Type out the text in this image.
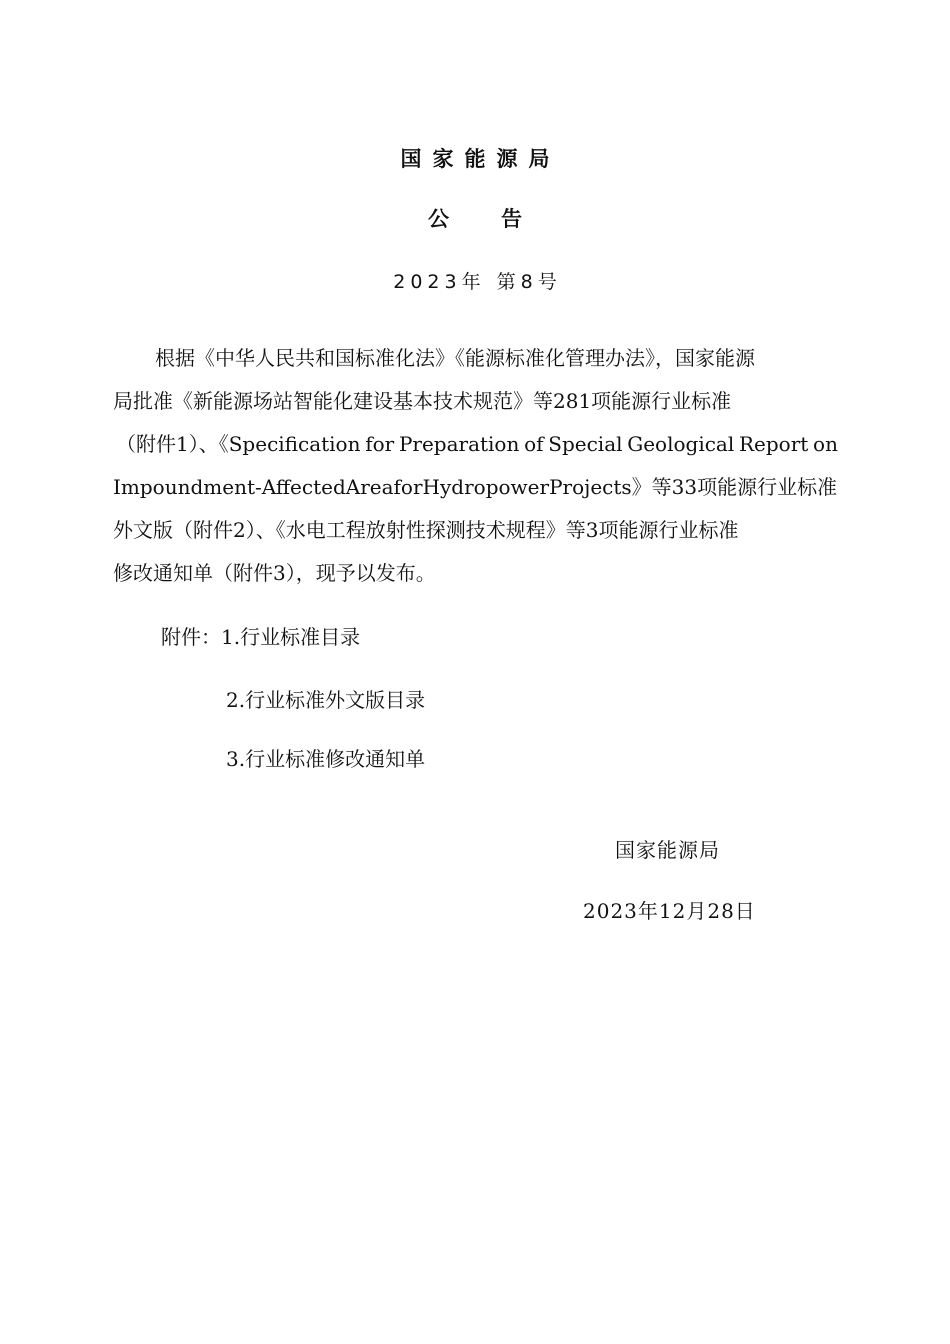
国家能源局
公 告
2023年 第8号
根据《中华人民共和国标准化法》《能源标准化管理办法》，国家能源
局批准《新能源场站智能化建设基本技术规范》等281项能源行业标准
（附件1）、《Specification for Preparation of Special Geological Report on
Impoundment-AffectedArea for Hydropower Projects》等33项能源行业标准
外文版（附件2）、《水电工程放射性探测技术规程》等3项能源行业标准
修改通知单（附件3），现予以发布。
附件：1.行业标准目录
2.行业标准外文版目录
3.行业标准修改通知单
国家能源局
2023年12月28日
